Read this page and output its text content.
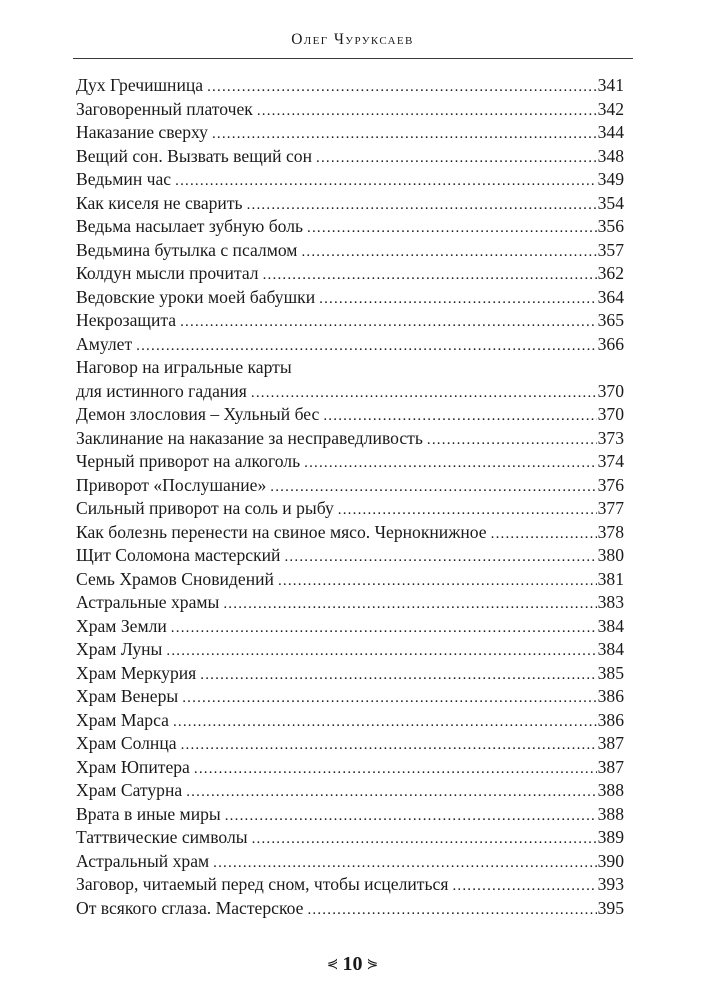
Олег Чуруксаев
Дух Гречишница .....	341
Заговоренный платочек .....	342
Наказание сверху .....	344
Вещий сон. Вызвать вещий сон .....	348
Ведьмин час .....	349
Как киселя не сварить .....	354
Ведьма насылает зубную боль .....	356
Ведьмина бутылка с псалмом .....	357
Колдун мысли прочитал .....	362
Ведовские уроки моей бабушки .....	364
Некрозащита .....	365
Амулет .....	366
Наговор на игральные карты
для истинного гадания .....	370
Демон злословия – Хульный бес .....	370
Заклинание на наказание за несправедливость .....	373
Черный приворот на алкоголь .....	374
Приворот «Послушание» .....	376
Сильный приворот на соль и рыбу .....	377
Как болезнь перенести на свиное мясо. Чернокнижное .....	378
Щит Соломона мастерский .....	380
Семь Храмов Сновидений .....	381
Астральные храмы .....	383
Храм Земли .....	384
Храм Луны .....	384
Храм Меркурия .....	385
Храм Венеры .....	386
Храм Марса .....	386
Храм Солнца .....	387
Храм Юпитера .....	387
Храм Сатурна .....	388
Врата в иные миры .....	388
Таттвические символы .....	389
Астральный храм .....	390
Заговор, читаемый перед сном, чтобы исцелиться .....	393
От всякого сглаза. Мастерское .....	395
⋞ 10 ⋟
